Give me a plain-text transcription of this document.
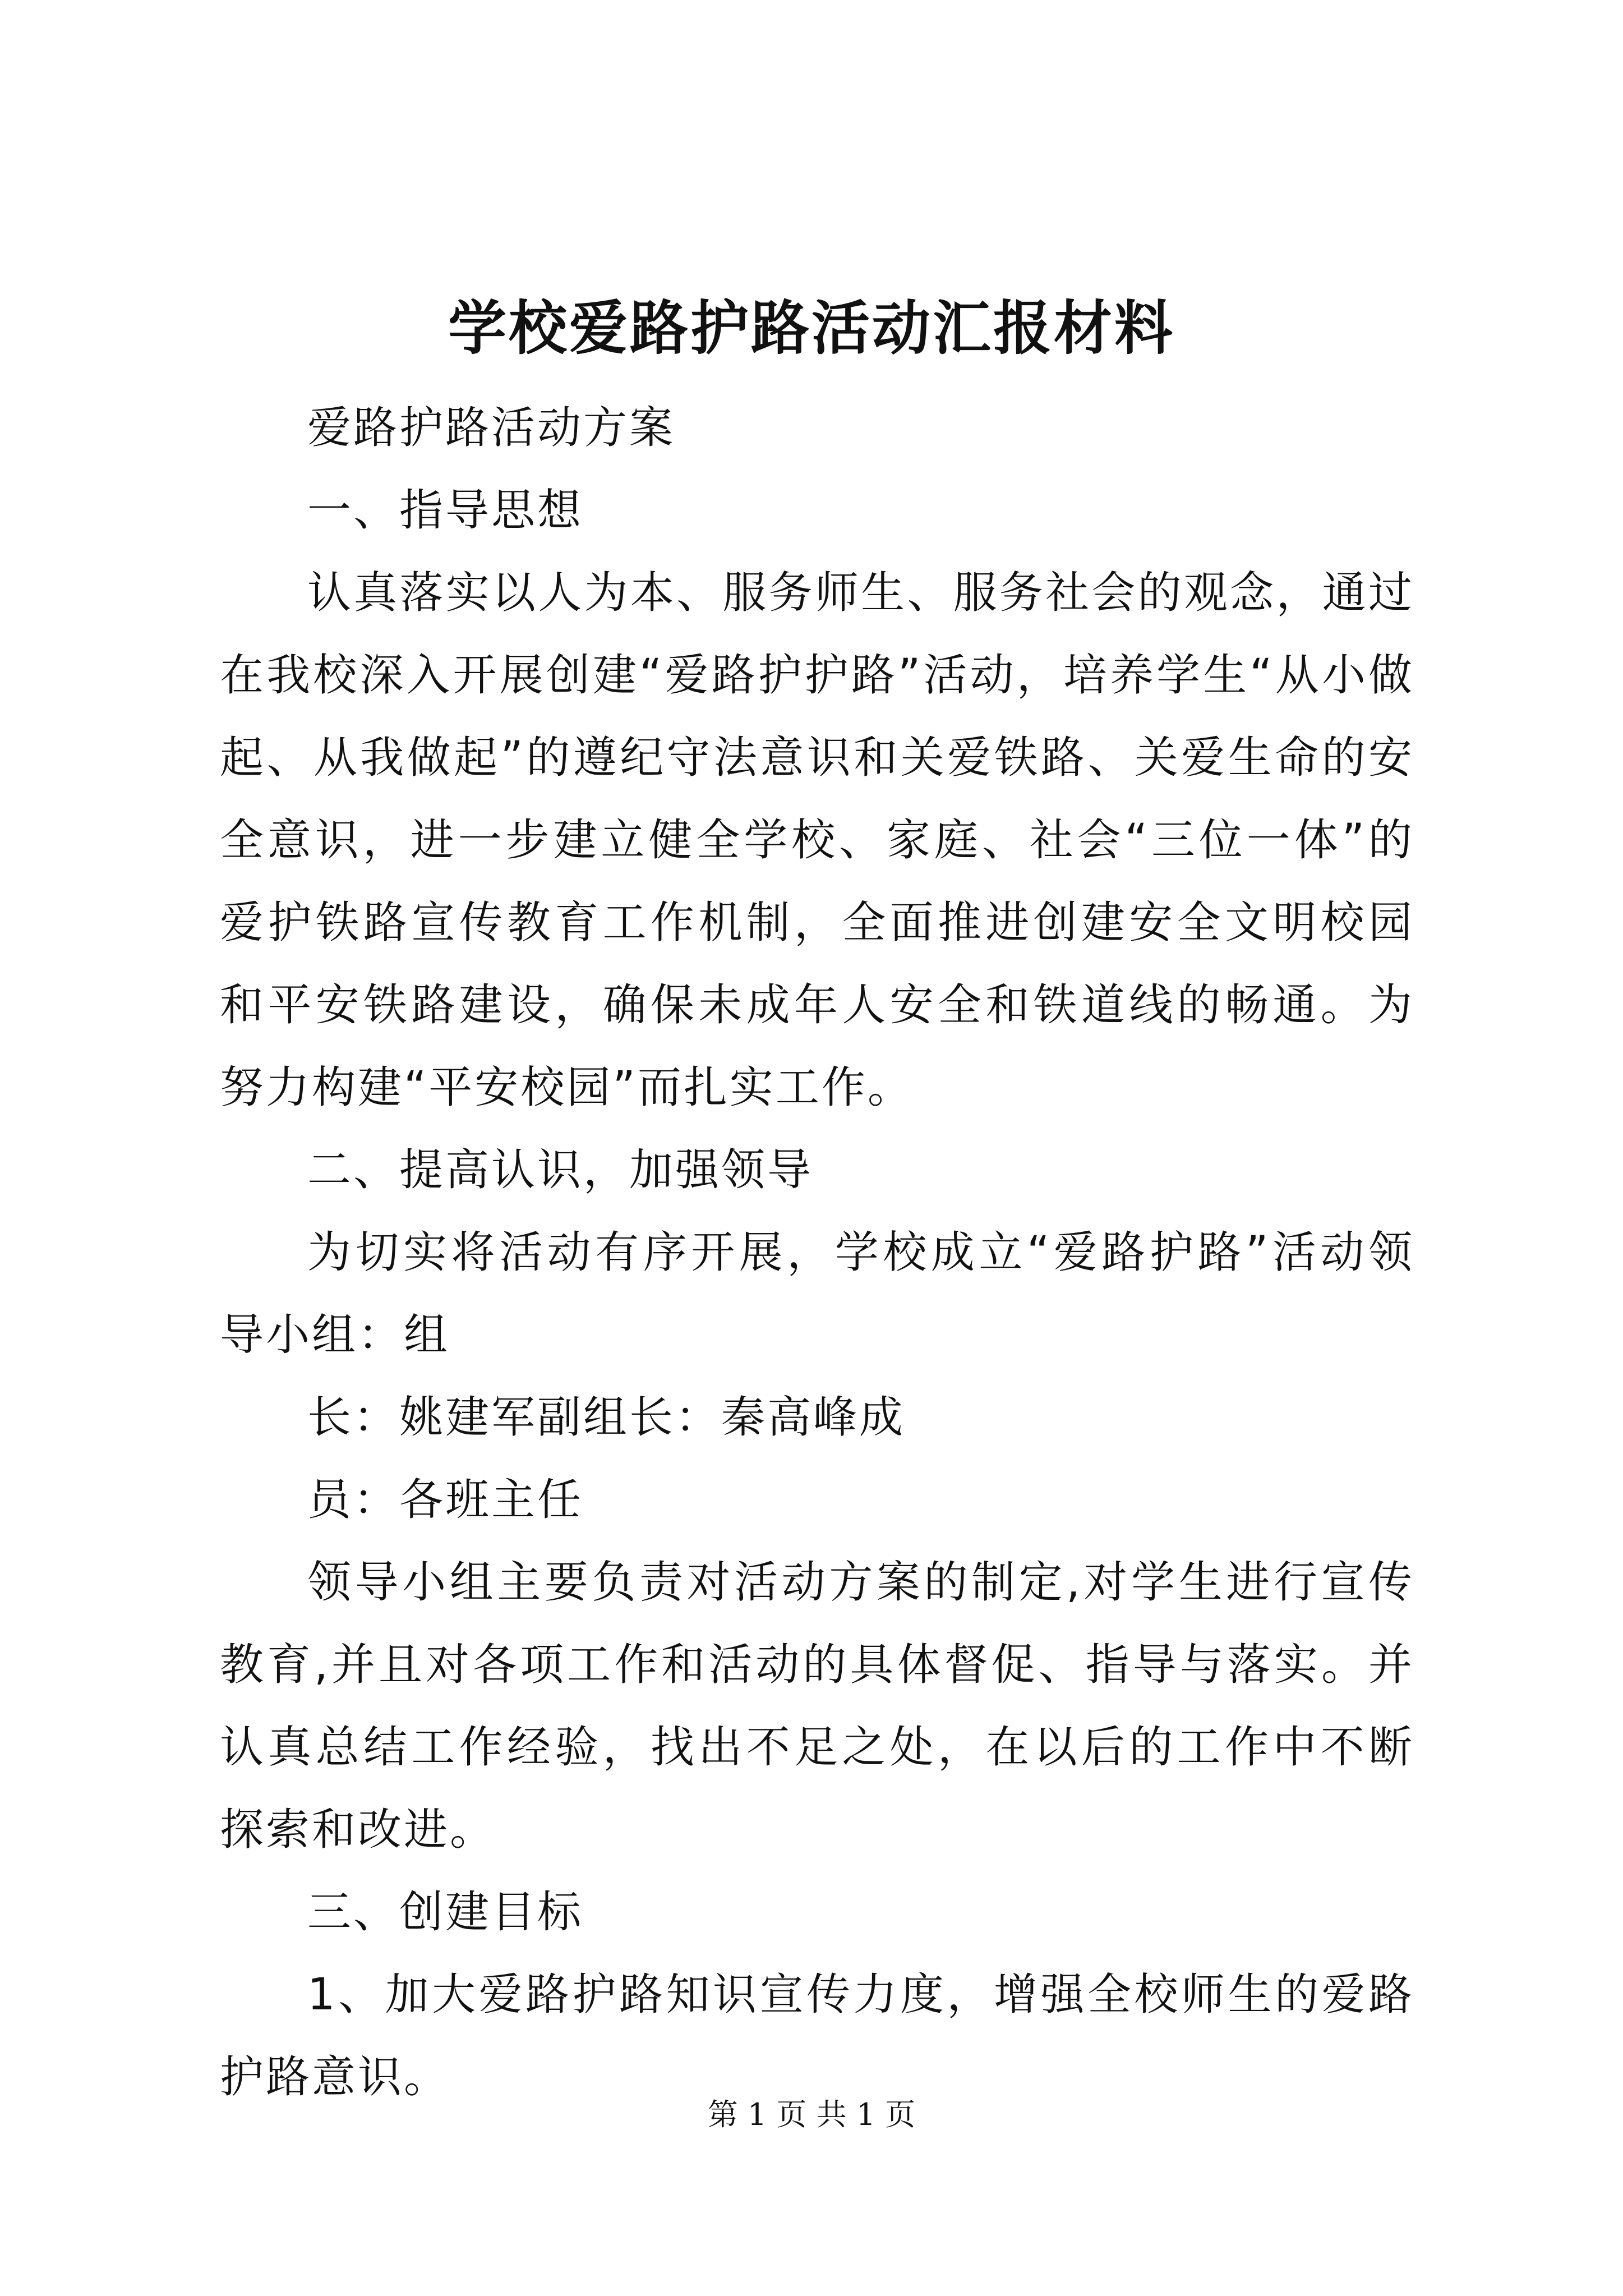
学校爱路护路活动汇报材料

爱路护路活动方案

一、指导思想

认真落实以人为本、服务师生、服务社会的观念，通过在我校深入开展创建“爱路护护路”活动，培养学生“从小做起、从我做起”的遵纪守法意识和关爱铁路、关爱生命的安全意识，进一步建立健全学校、家庭、社会“三位一体”的爱护铁路宣传教育工作机制，全面推进创建安全文明校园和平安铁路建设，确保未成年人安全和铁道线的畅通。为努力构建“平安校园”而扎实工作。

二、提高认识，加强领导

为切实将活动有序开展，学校成立“爱路护路”活动领导小组：组

长：姚建军副组长：秦高峰成

员：各班主任

领导小组主要负责对活动方案的制定,对学生进行宣传教育,并且对各项工作和活动的具体督促、指导与落实。并认真总结工作经验，找出不足之处，在以后的工作中不断探索和改进。

三、创建目标

1、加大爱路护路知识宣传力度，增强全校师生的爱路护路意识。

第 1 页 共 1 页
